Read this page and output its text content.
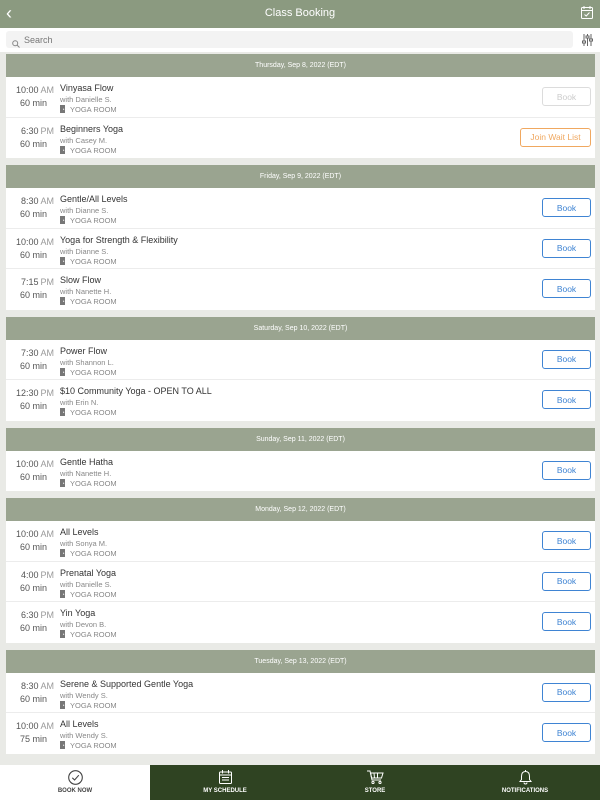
‹	Class Booking
Search
Thursday, Sep 8, 2022 (EDT)
10:00 AM
60 min
Vinyasa Flow
with Danielle S.
YOGA ROOM
Book
6:30 PM
60 min
Beginners Yoga
with Casey M.
YOGA ROOM
Join Wait List
Friday, Sep 9, 2022 (EDT)
8:30 AM
60 min
Gentle/All Levels
with Dianne S.
YOGA ROOM
Book
10:00 AM
60 min
Yoga for Strength & Flexibility
with Dianne S.
YOGA ROOM
Book
7:15 PM
60 min
Slow Flow
with Nanette H.
YOGA ROOM
Book
Saturday, Sep 10, 2022 (EDT)
7:30 AM
60 min
Power Flow
with Shannon L.
YOGA ROOM
Book
12:30 PM
60 min
$10 Community Yoga - OPEN TO ALL
with Erin N.
YOGA ROOM
Book
Sunday, Sep 11, 2022 (EDT)
10:00 AM
60 min
Gentle Hatha
with Nanette H.
YOGA ROOM
Book
Monday, Sep 12, 2022 (EDT)
10:00 AM
60 min
All Levels
with Sonya M.
YOGA ROOM
Book
4:00 PM
60 min
Prenatal Yoga
with Danielle S.
YOGA ROOM
Book
6:30 PM
60 min
Yin Yoga
with Devon B.
YOGA ROOM
Book
Tuesday, Sep 13, 2022 (EDT)
8:30 AM
60 min
Serene & Supported Gentle Yoga
with Wendy S.
YOGA ROOM
Book
10:00 AM
75 min
All Levels
with Wendy S.
YOGA ROOM
Book
BOOK NOW	MY SCHEDULE	STORE	NOTIFICATIONS
